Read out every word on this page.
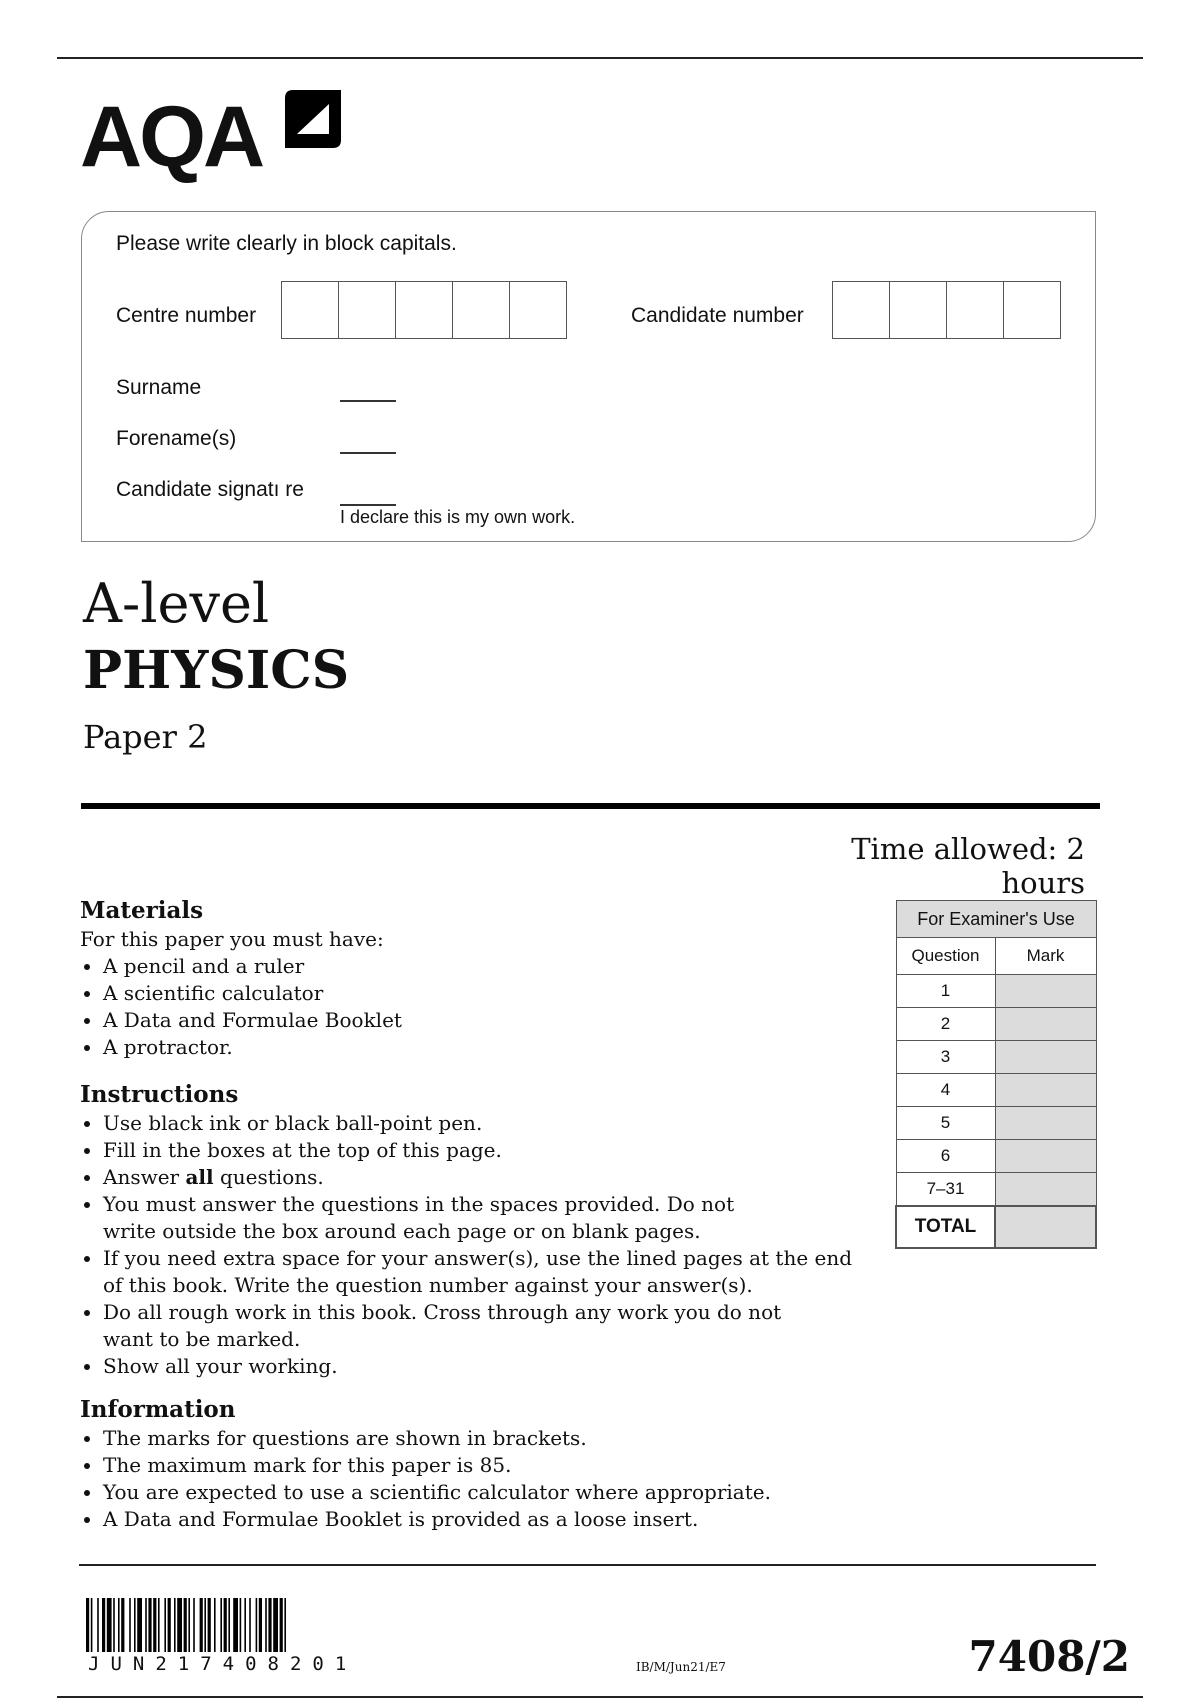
AQA
Please write clearly in block capitals.
Centre number	Candidate number
Surname
Forename(s)
Candidate signatı re
I declare this is my own work.
A-level
PHYSICS
Paper 2
Time allowed: 2 hours
Materials

For this paper you must have:

A pencil and a ruler
A scientific calculator
A Data and Formulae Booklet
A protractor.
Instructions
Use black ink or black ball-point pen.
Fill in the boxes at the top of this page.
Answer all questions.
You must answer the questions in the spaces provided. Do not write outside the box around each page or on blank pages.
If you need extra space for your answer(s), use the lined pages at the end of this book. Write the question number against your answer(s).
Do all rough work in this book. Cross through any work you do not want to be marked.
Show all your working.
Information
The marks for questions are shown in brackets.
The maximum mark for this paper is 85.
You are expected to use a scientific calculator where appropriate.
A Data and Formulae Booklet is provided as a loose insert.
For Examiner's Use	
Question	Mark
1	
2	
3	
4	
5	
6	
7–31	
TOTAL	
JUN217408201	IB/M/Jun21/E7	7408/2
